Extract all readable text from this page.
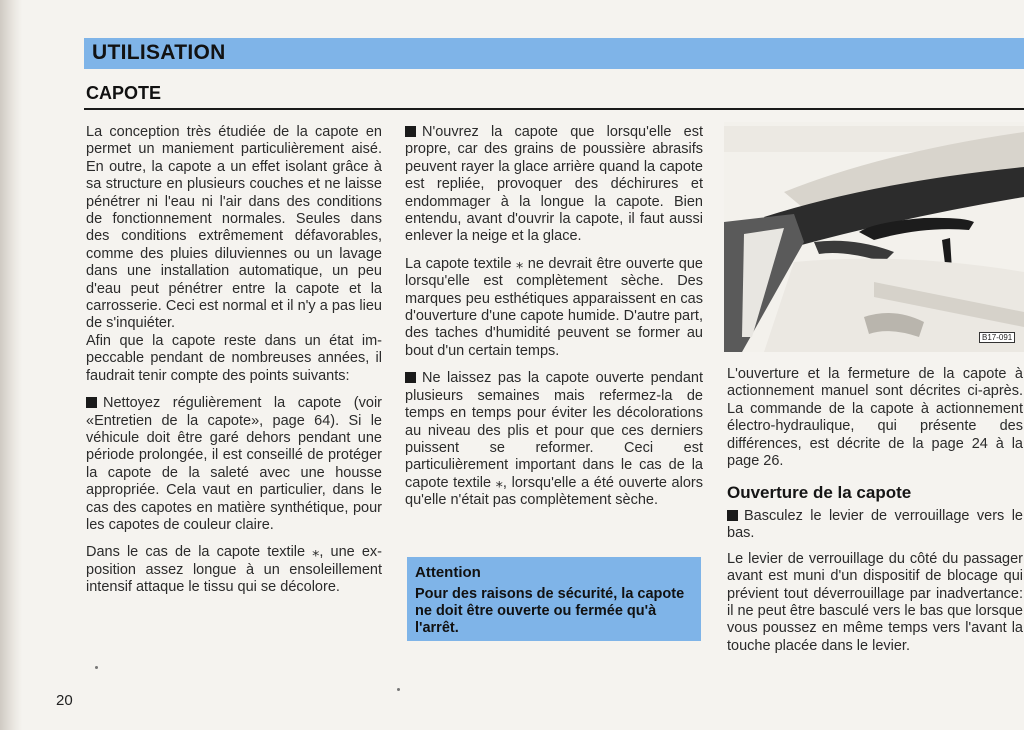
UTILISATION
CAPOTE

La conception très étudiée de la capote en permet un maniement particulièrement aisé. En outre, la capote a un effet isolant grâce à sa structure en plusieurs couches et ne laisse pénétrer ni l'eau ni l'air dans des conditions de fonctionnement normales. Seules dans des conditions extrêmement défavorables, comme des pluies diluviennes ou un lavage dans une installation automatique, un peu d'eau peut pénétrer entre la capote et la carrosserie. Ceci est normal et il n'y a pas lieu de s'inquiéter.

Afin que la capote reste dans un état impeccable pendant de nombreuses années, il faudrait tenir compte des points suivants:

Nettoyez régulièrement la capote (voir «Entretien de la capote», page 64). Si le véhicule doit être garé dehors pendant une période prolongée, il est conseillé de protéger la capote de la saleté avec une housse appropriée. Cela vaut en particulier, dans le cas des capotes en matière synthétique, pour les capotes de couleur claire.

Dans le cas de la capote textile ⁎, une exposition assez longue à un ensoleillement intensif attaque le tissu qui se décolore.

N'ouvrez la capote que lorsqu'elle est propre, car des grains de poussière abrasifs peuvent rayer la glace arrière quand la capote est repliée, provoquer des déchirures et endommager à la longue la capote. Bien entendu, avant d'ouvrir la capote, il faut aussi enlever la neige et la glace.

La capote textile ⁎ ne devrait être ouverte que lorsqu'elle est complètement sèche. Des marques peu esthétiques apparaissent en cas d'ouverture d'une capote humide. D'autre part, des taches d'humidité peuvent se former au bout d'un certain temps.

Ne laissez pas la capote ouverte pendant plusieurs semaines mais refermez-la de temps en temps pour éviter les décolorations au niveau des plis et pour que ces derniers puissent se reformer. Ceci est particulièrement important dans le cas de la capote textile ⁎, lorsqu'elle a été ouverte alors qu'elle n'était pas complètement sèche.

Attention
Pour des raisons de sécurité, la capote ne doit être ouverte ou fermée qu'à l'arrêt.
B17-091

L'ouverture et la fermeture de la capote à actionnement manuel sont décrites ci-après. La commande de la capote à actionnement électro-hydraulique, qui présente des différences, est décrite de la page 24 à la page 26.

Ouverture de la capote

Basculez le levier de verrouillage vers le bas.

Le levier de verrouillage du côté du passager avant est muni d'un dispositif de blocage qui prévient tout déverrouillage par inadvertance: il ne peut être basculé vers le bas que lorsque vous poussez en même temps vers l'avant la touche placée dans le levier.

20
